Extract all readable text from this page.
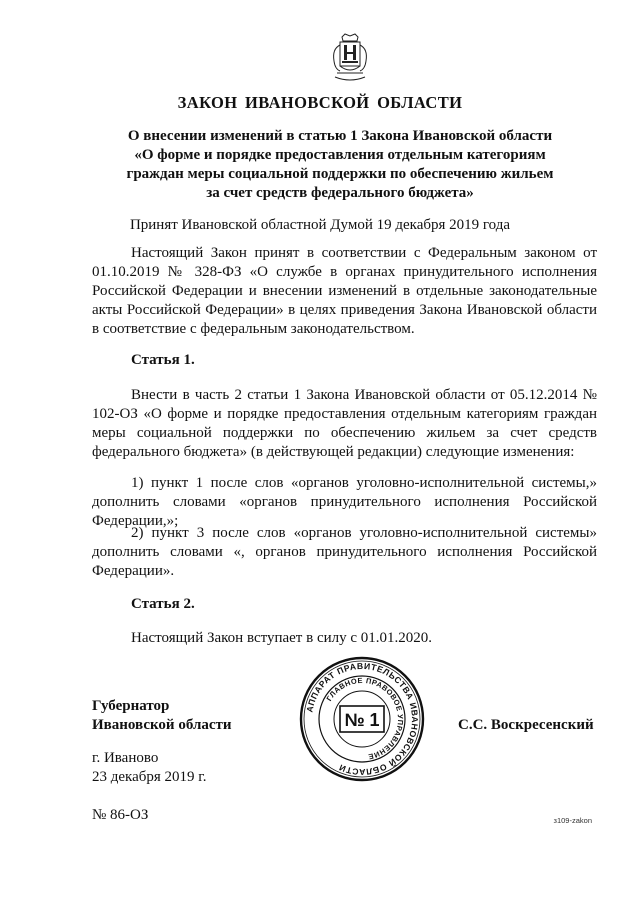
ЗАКОН ИВАНОВСКОЙ ОБЛАСТИ
О внесении изменений в статью 1 Закона Ивановской области
«О форме и порядке предоставления отдельным категориям
граждан меры социальной поддержки по обеспечению жильем
за счет средств федерального бюджета»
Принят Ивановской областной Думой 19 декабря 2019 года

Настоящий Закон принят в соответствии с Федеральным законом от 01.10.2019 № 328-ФЗ «О службе в органах принудительного исполнения Российской Федерации и внесении изменений в отдельные законодательные акты Российской Федерации» в целях приведения Закона Ивановской области в соответствие с федеральным законодательством.

Статья 1.

Внести в часть 2 статьи 1 Закона Ивановской области от 05.12.2014 № 102-ОЗ «О форме и порядке предоставления отдельным категориям граждан меры социальной поддержки по обеспечению жильем за счет средств федерального бюджета» (в действующей редакции) следующие изменения:

1) пункт 1 после слов «органов уголовно-исполнительной системы,» дополнить словами «органов принудительного исполнения Российской Федерации,»;

2) пункт 3 после слов «органов уголовно-исполнительной системы» дополнить словами «, органов принудительного исполнения Российской Федерации».

Статья 2.
Настоящий Закон вступает в силу с 01.01.2020.
Губернатор
Ивановской области	С.С. Воскресенский
г. Иваново
23 декабря 2019 г.
№ 86-ОЗ
АППАРАТ ПРАВИТЕЛЬСТВА ИВАНОВСКОЙ ОБЛАСТИ
ГЛАВНОЕ ПРАВОВОЕ УПРАВЛЕНИЕ
№ 1
з109-zakon
